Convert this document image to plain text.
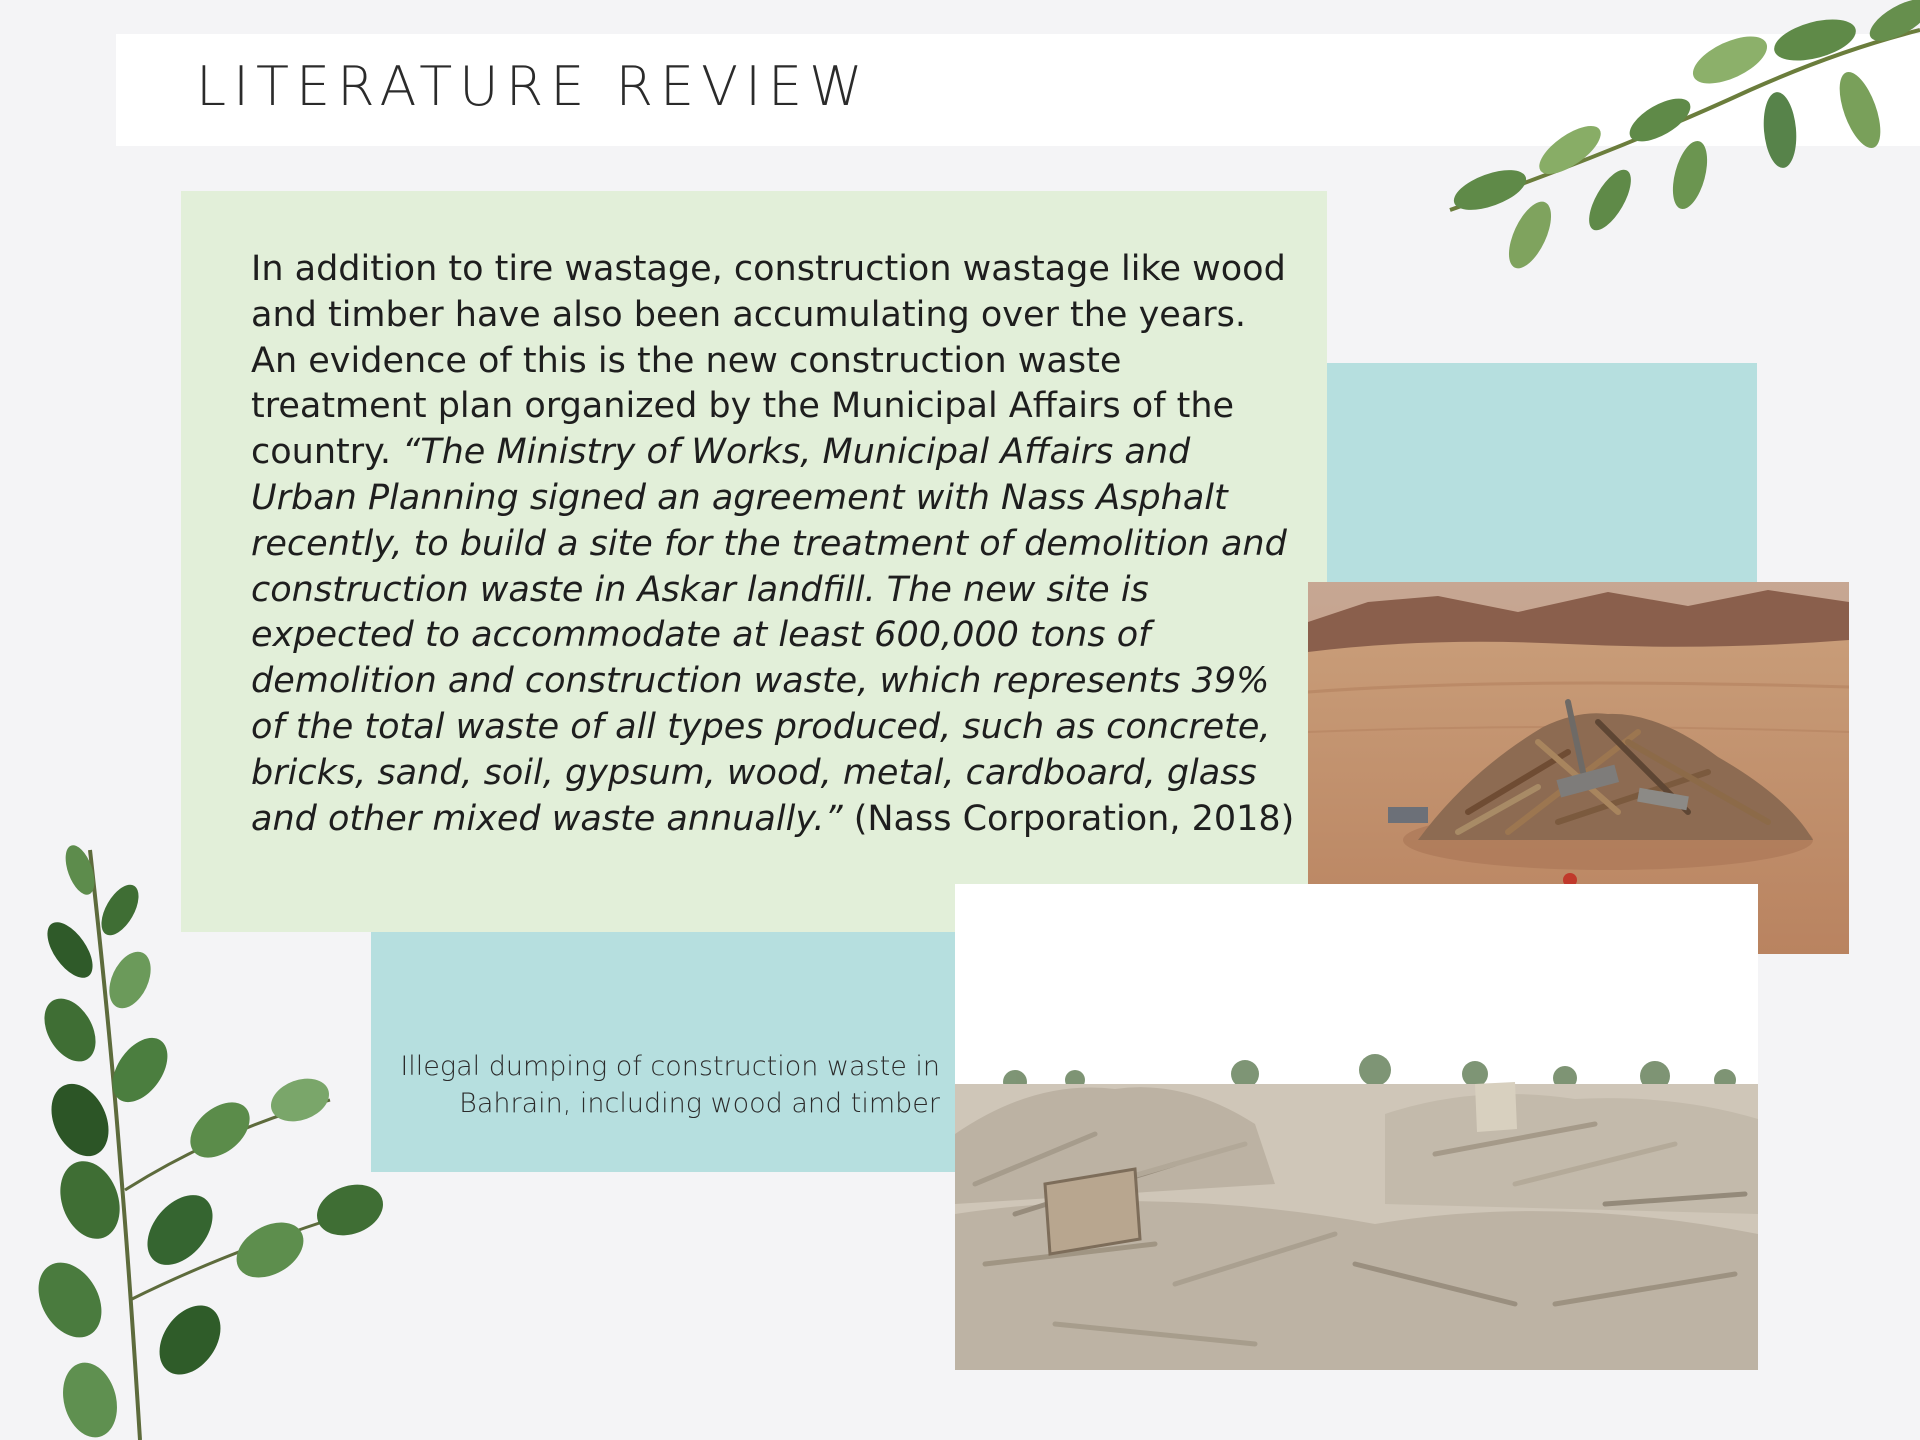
LITERATURE REVIEW

In addition to tire wastage, construction wastage like wood and timber have also been accumulating over the years. An evidence of this is the new construction waste treatment plan organized by the Municipal Affairs of the country. “The Ministry of Works, Municipal Affairs and Urban Planning signed an agreement with Nass Asphalt recently, to build a site for the treatment of demolition and construction waste in Askar landfill. The new site is expected to accommodate at least 600,000 tons of demolition and construction waste, which represents 39% of the total waste of all types produced, such as concrete, bricks, sand, soil, gypsum, wood, metal, cardboard, glass and other mixed waste annually.” (Nass Corporation, 2018)

Illegal dumping of construction waste in Bahrain, including wood and timber
